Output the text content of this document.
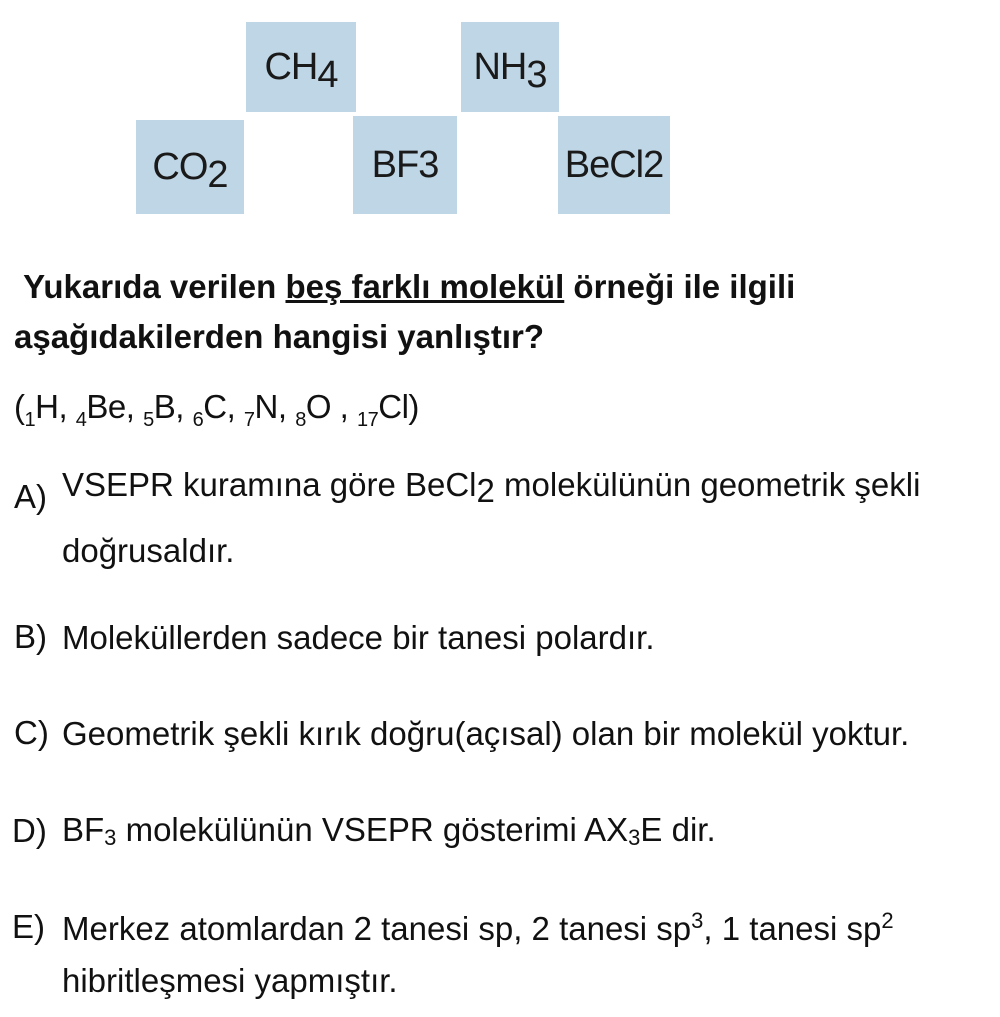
$CH_4$	$NH_3$
$CO_2$	BF3	BeCl2
Yukarıda verilen beş farklı molekül örneği ile ilgili
aşağıdakilerden hangisi yanlıştır?
($_1H$, $_4$Be, $_5$B, $_6$C, $_7$N, $_8$O , $_{17}$Cl)
A) VSEPR kuramına göre BeCl2 molekülünün geometrik şekli
doğrusaldır.
B) Moleküllerden sadece bir tanesi polardır.
C) Geometrik şekli kırık doğru(açısal) olan bir molekül yoktur.
D) $BF_3$ molekülünün VSEPR gösterimi $AX_3E$ dir.
E) Merkez atomlardan 2 tanesi sp, 2 tanesi $sp^3$, 1 tanesi $sp^2$
hibritleşmesi yapmıştır.
